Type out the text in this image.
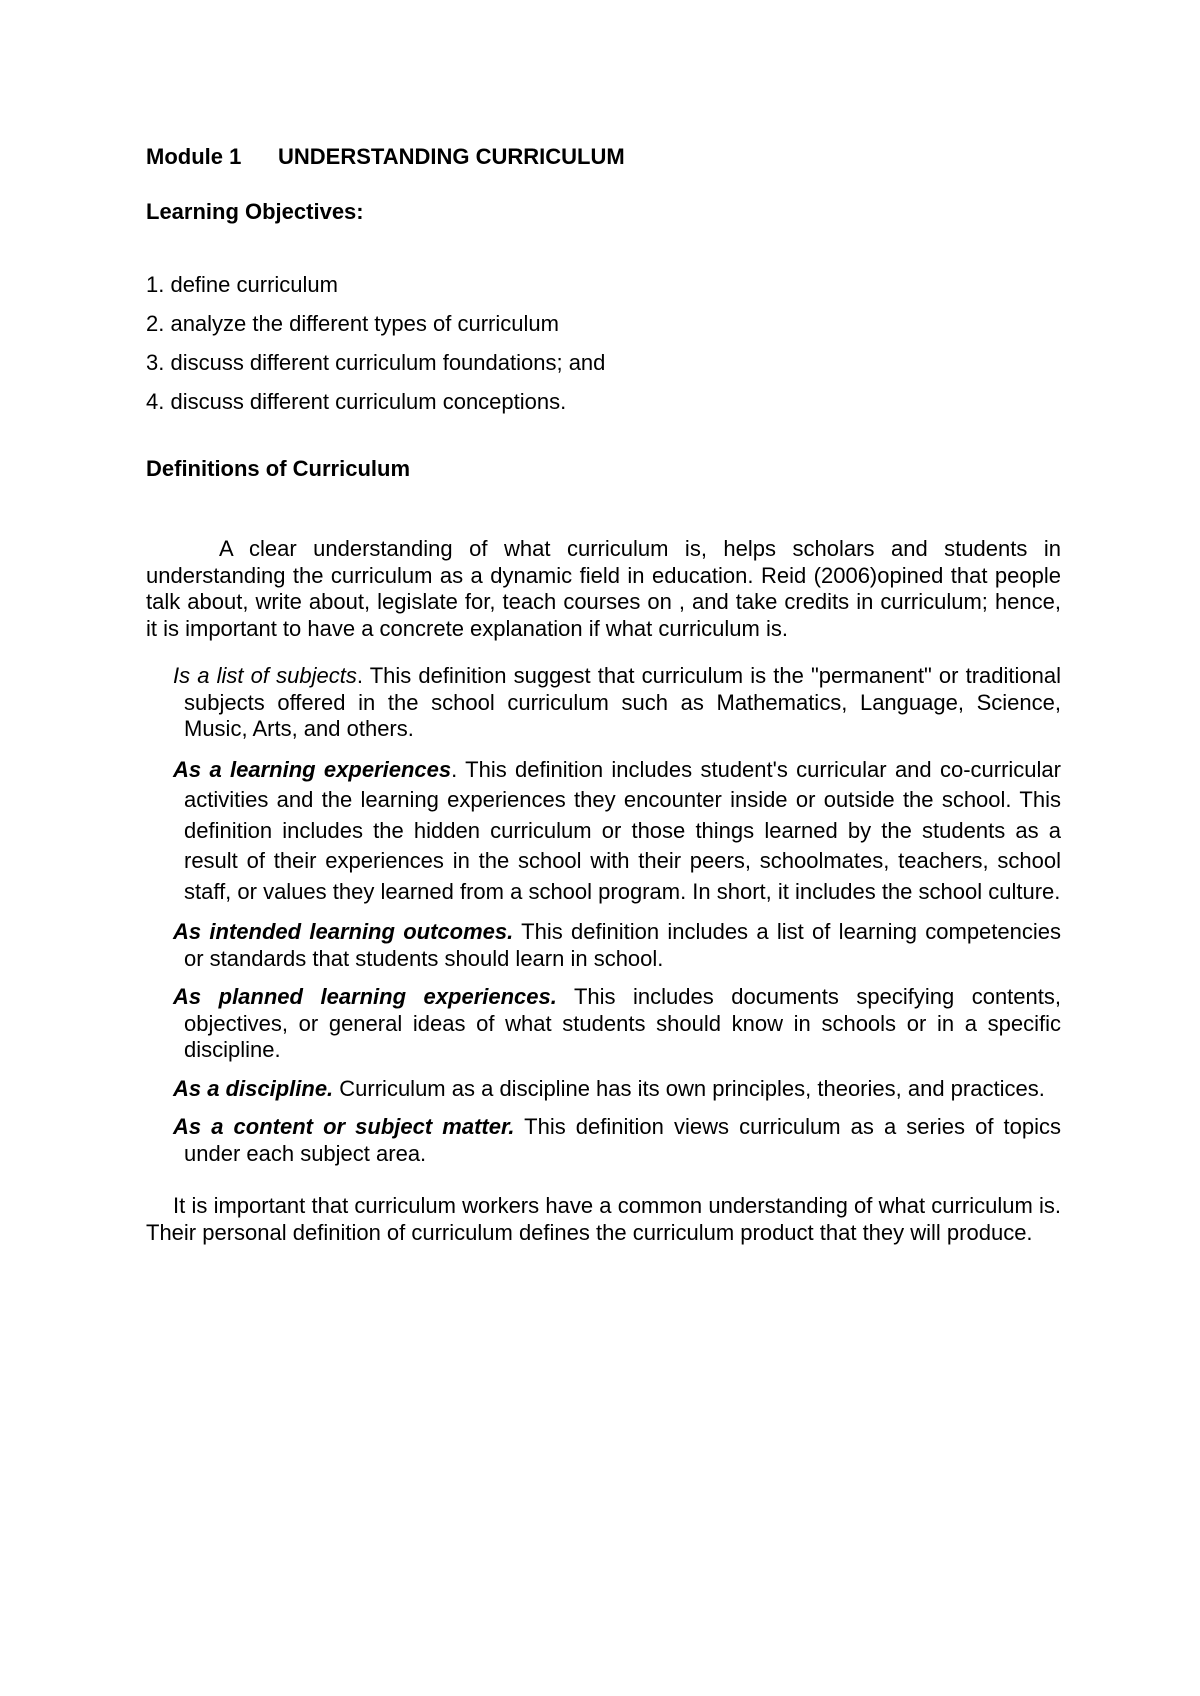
Module 1 UNDERSTANDING CURRICULUM
Learning Objectives:
1. define curriculum
2. analyze the different types of curriculum
3. discuss different curriculum foundations; and
4. discuss different curriculum conceptions.
Definitions of Curriculum

A clear understanding of what curriculum is, helps scholars and students in understanding the curriculum as a dynamic field in education. Reid (2006)opined that people talk about, write about, legislate for, teach courses on , and take credits in curriculum; hence, it is important to have a concrete explanation if what curriculum is.

Is a list of subjects. This definition suggest that curriculum is the "permanent" or traditional subjects offered in the school curriculum such as Mathematics, Language, Science, Music, Arts, and others.
As a learning experiences. This definition includes student's curricular and co-curricular activities and the learning experiences they encounter inside or outside the school. This definition includes the hidden curriculum or those things learned by the students as a result of their experiences in the school with their peers, schoolmates, teachers, school staff, or values they learned from a school program. In short, it includes the school culture.
As intended learning outcomes. This definition includes a list of learning competencies or standards that students should learn in school.
As planned learning experiences. This includes documents specifying contents, objectives, or general ideas of what students should know in schools or in a specific discipline.
As a discipline. Curriculum as a discipline has its own principles, theories, and practices.
As a content or subject matter. This definition views curriculum as a series of topics under each subject area.

It is important that curriculum workers have a common understanding of what curriculum is. Their personal definition of curriculum defines the curriculum product that they will produce.
